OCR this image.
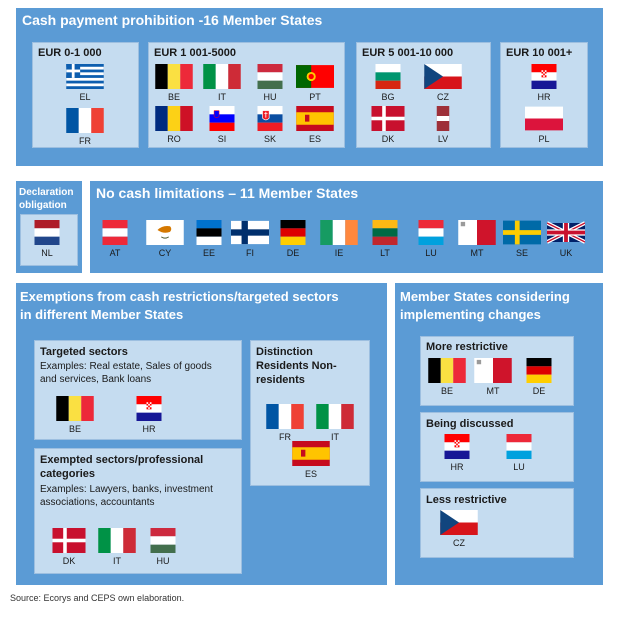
Cash payment prohibition -16 Member States
EUR 0-1 000	EUR 1 001-5000	EUR 5 001-10 000	EUR 10 001+
Declaration obligation
No cash limitations – 11 Member States
Exemptions from cash restrictions/targeted sectors
in different Member States
Targeted sectors
Examples: Real estate, Sales of goods
and services, Bank loans
Exempted sectors/professional
categories
Examples: Lawyers, banks, investment
associations, accountants
Distinction
Residents Non-
residents
Member States considering
implementing changes
More restrictive
Being discussed
Less restrictive
Source: Ecorys and CEPS own elaboration.
EL
FR
BE	IT	HU	PT
RO	SI	SK	ES
BG	CZ
DK	LV
HR
PL
NL	AT	CY	EE	FI	DE	IE	LT	LU	MT	SE	UK
BE	HR
DK	IT	HU
FR	IT
ES
BE	MT	DE
HR	LU
CZ
